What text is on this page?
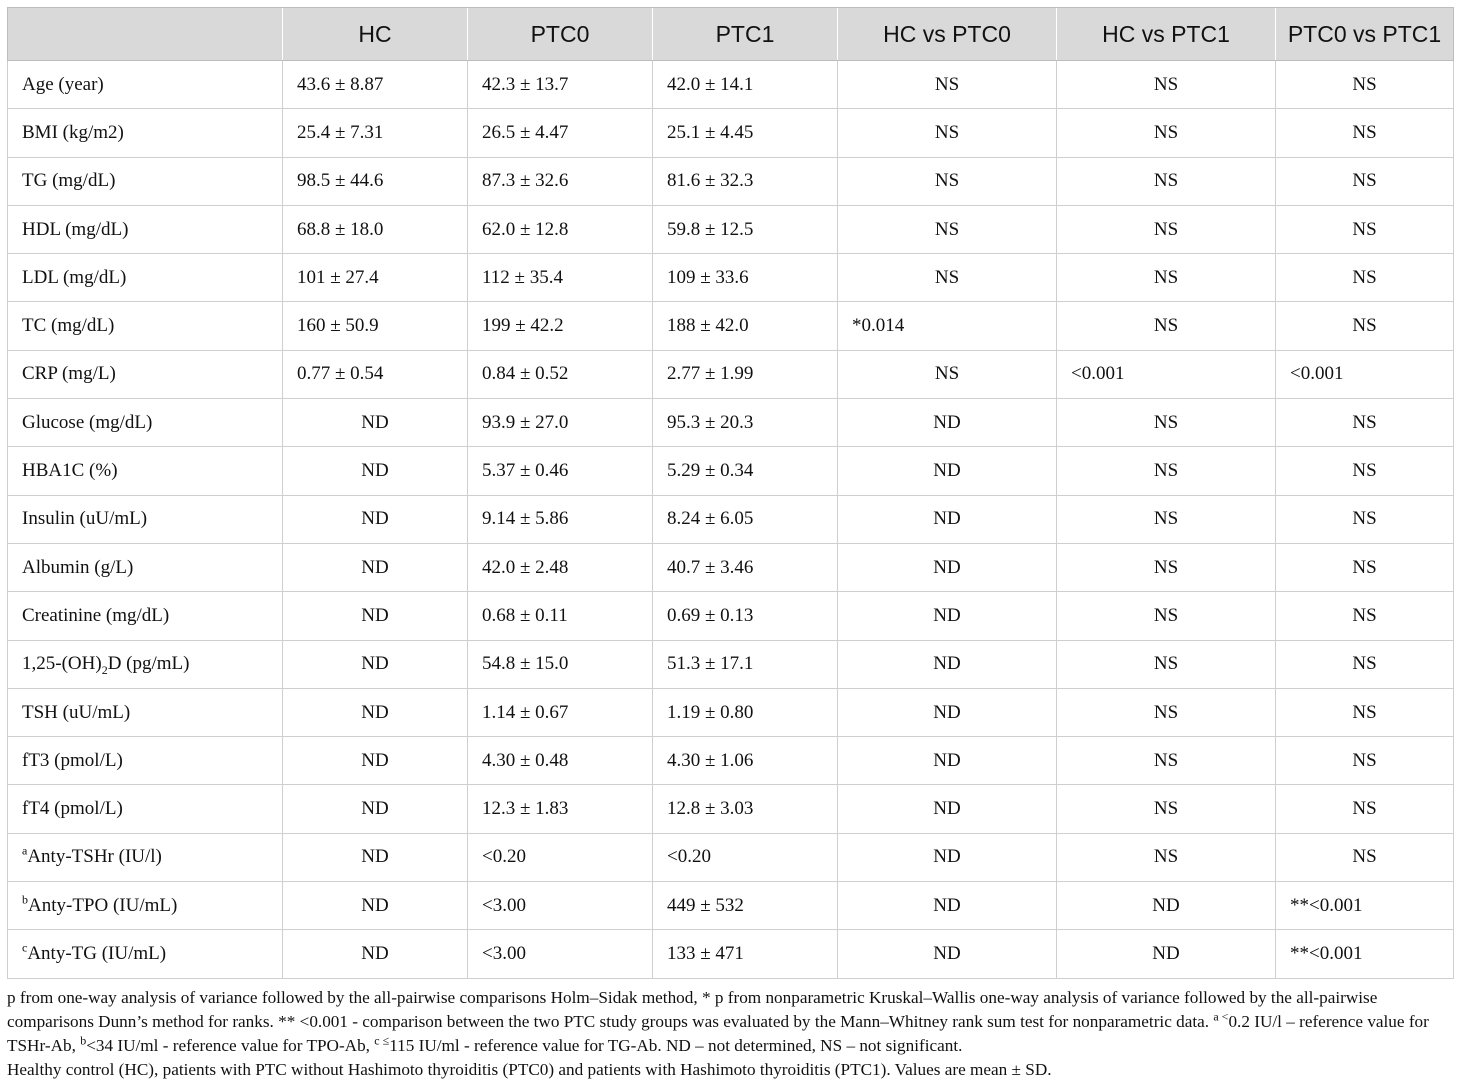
	HC	PTC0	PTC1	HC vs PTC0	HC vs PTC1	PTC0 vs PTC1
Age (year)	43.6 ± 8.87	42.3 ± 13.7	42.0 ± 14.1	NS	NS	NS
BMI (kg/m2)	25.4 ± 7.31	26.5 ± 4.47	25.1 ± 4.45	NS	NS	NS
TG (mg/dL)	98.5 ± 44.6	87.3 ± 32.6	81.6 ± 32.3	NS	NS	NS
HDL (mg/dL)	68.8 ± 18.0	62.0 ± 12.8	59.8 ± 12.5	NS	NS	NS
LDL (mg/dL)	101 ± 27.4	112 ± 35.4	109 ± 33.6	NS	NS	NS
TC (mg/dL)	160 ± 50.9	199 ± 42.2	188 ± 42.0	*0.014	NS	NS
CRP (mg/L)	0.77 ± 0.54	0.84 ± 0.52	2.77 ± 1.99	NS	<0.001	<0.001
Glucose (mg/dL)	ND	93.9 ± 27.0	95.3 ± 20.3	ND	NS	NS
HBA1C (%)	ND	5.37 ± 0.46	5.29 ± 0.34	ND	NS	NS
Insulin (uU/mL)	ND	9.14 ± 5.86	8.24 ± 6.05	ND	NS	NS
Albumin (g/L)	ND	42.0 ± 2.48	40.7 ± 3.46	ND	NS	NS
Creatinine (mg/dL)	ND	0.68 ± 0.11	0.69 ± 0.13	ND	NS	NS
$1,25-(OH)_2D$ (pg/mL)	ND	54.8 ± 15.0	51.3 ± 17.1	ND	NS	NS
TSH (uU/mL)	ND	1.14 ± 0.67	1.19 ± 0.80	ND	NS	NS
fT3 (pmol/L)	ND	4.30 ± 0.48	4.30 ± 1.06	ND	NS	NS
fT4 (pmol/L)	ND	12.3 ± 1.83	12.8 ± 3.03	ND	NS	NS
$^a$Anty-TSHr (IU/l)	ND	<0.20	<0.20	ND	NS	NS
$^b$Anty-TPO (IU/mL)	ND	<3.00	449 ± 532	ND	ND	**<0.001
$^c$Anty-TG (IU/mL)	ND	<3.00	133 ± 471	ND	ND	**<0.001

p from one-way analysis of variance followed by the all-pairwise comparisons Holm–Sidak method, * p from nonparametric Kruskal–Wallis one-way analysis of variance followed by the all-pairwise comparisons Dunn’s method for ranks. ** <0.001 - comparison between the two PTC study groups was evaluated by the Mann–Whitney rank sum test for nonparametric data. $^{a <}$0.2 IU/l – reference value for TSHr-Ab, $^b$<34 IU/ml - reference value for TPO-Ab, $^{c \le}$115 IU/ml - reference value for TG-Ab. ND – not determined, NS – not significant.

Healthy control (HC), patients with PTC without Hashimoto thyroiditis (PTC0) and patients with Hashimoto thyroiditis (PTC1). Values are mean ± SD.
